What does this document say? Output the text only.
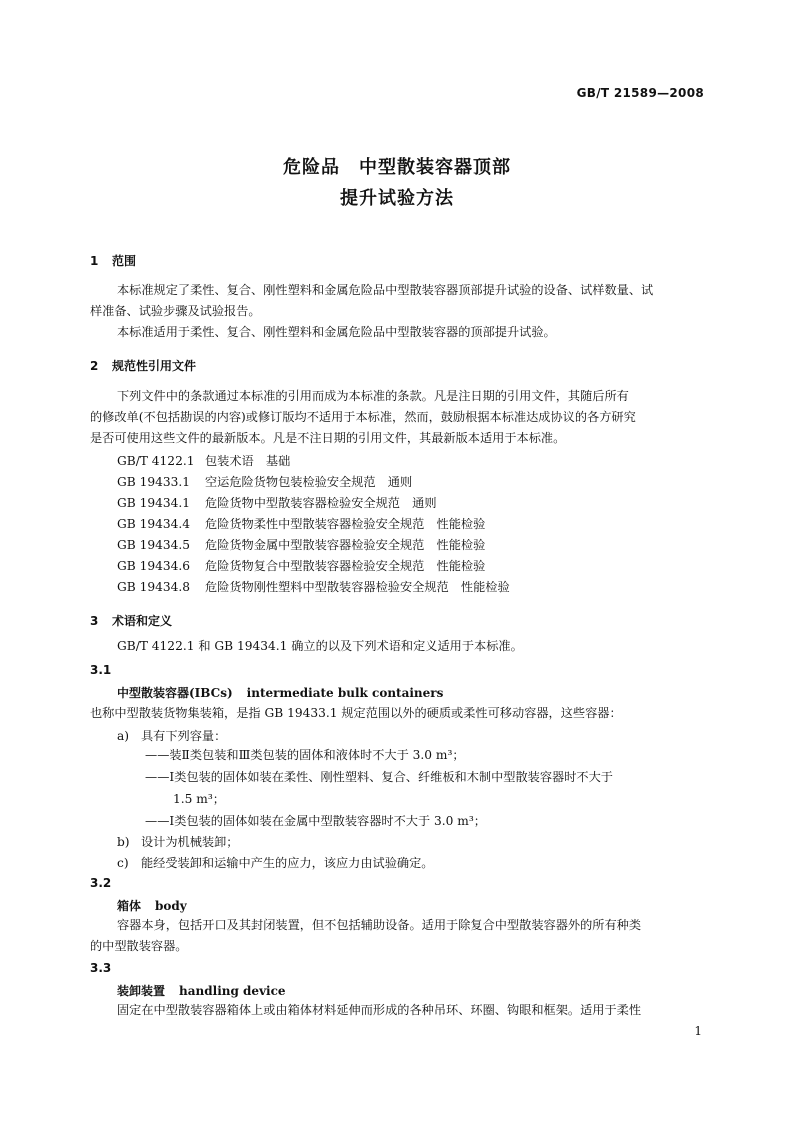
GB/T 21589—2008
危险品　中型散装容器顶部
提升试验方法
1 范围
本标准规定了柔性、复合、刚性塑料和金属危险品中型散装容器顶部提升试验的设备、试样数量、试
样准备、试验步骤及试验报告。
本标准适用于柔性、复合、刚性塑料和金属危险品中型散装容器的顶部提升试验。
2 规范性引用文件
下列文件中的条款通过本标准的引用而成为本标准的条款。凡是注日期的引用文件，其随后所有
的修改单(不包括勘误的内容)或修订版均不适用于本标准，然而，鼓励根据本标准达成协议的各方研究
是否可使用这些文件的最新版本。凡是不注日期的引用文件，其最新版本适用于本标准。
GB/T 4122.1 包装术语　基础
GB 19433.1 空运危险货物包装检验安全规范　通则
GB 19434.1 危险货物中型散装容器检验安全规范　通则
GB 19434.4 危险货物柔性中型散装容器检验安全规范　性能检验
GB 19434.5 危险货物金属中型散装容器检验安全规范　性能检验
GB 19434.6 危险货物复合中型散装容器检验安全规范　性能检验
GB 19434.8 危险货物刚性塑料中型散装容器检验安全规范　性能检验
3 术语和定义
GB/T 4122.1 和 GB 19434.1 确立的以及下列术语和定义适用于本标准。
3.1
中型散装容器(IBCs) intermediate bulk containers
也称中型散装货物集装箱，是指 GB 19433.1 规定范围以外的硬质或柔性可移动容器，这些容器：
a) 具有下列容量：
——装Ⅱ类包装和Ⅲ类包装的固体和液体时不大于 3.0 m³；
——Ⅰ类包装的固体如装在柔性、刚性塑料、复合、纤维板和木制中型散装容器时不大于
1.5 m³；
——Ⅰ类包装的固体如装在金属中型散装容器时不大于 3.0 m³；
b) 设计为机械装卸；
c) 能经受装卸和运输中产生的应力，该应力由试验确定。
3.2
箱体 body
容器本身，包括开口及其封闭装置，但不包括辅助设备。适用于除复合中型散装容器外的所有种类
的中型散装容器。
3.3
装卸装置 handling device
固定在中型散装容器箱体上或由箱体材料延伸而形成的各种吊环、环圈、钩眼和框架。适用于柔性
1
